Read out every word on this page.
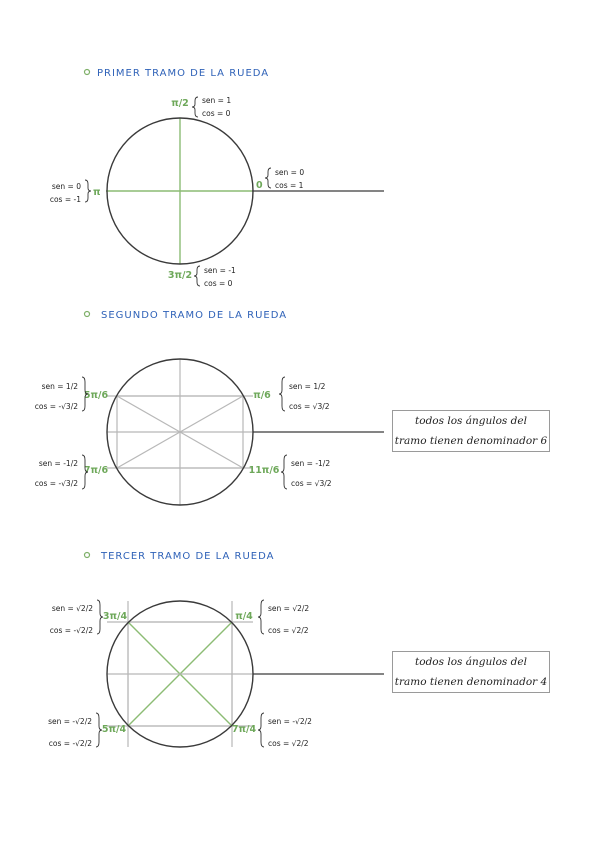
PRIMER TRAMO DE LA RUEDA
SEGUNDO TRAMO DE LA RUEDA
TERCER TRAMO DE LA RUEDA
π/2 sen = 1
cos = 0
0
sen = 0
cos = 1
π
sen = 0
cos = -1
3π/2 sen = -1
cos = 0
π/6
sen = 1/2
cos = √3/2
5π/6
sen = 1/2
cos = -√3/2
7π/6
sen = -1/2
cos = -√3/2
11π/6
sen = -1/2
cos = √3/2
π/4
sen = √2/2
cos = √2/2
3π/4
sen = √2/2
cos = -√2/2
5π/4
sen = -√2/2
cos = -√2/2
7π/4
sen = -√2/2
cos = √2/2
todos los ángulos del
tramo tienen denominador 6
todos los ángulos del
tramo tienen denominador 4
